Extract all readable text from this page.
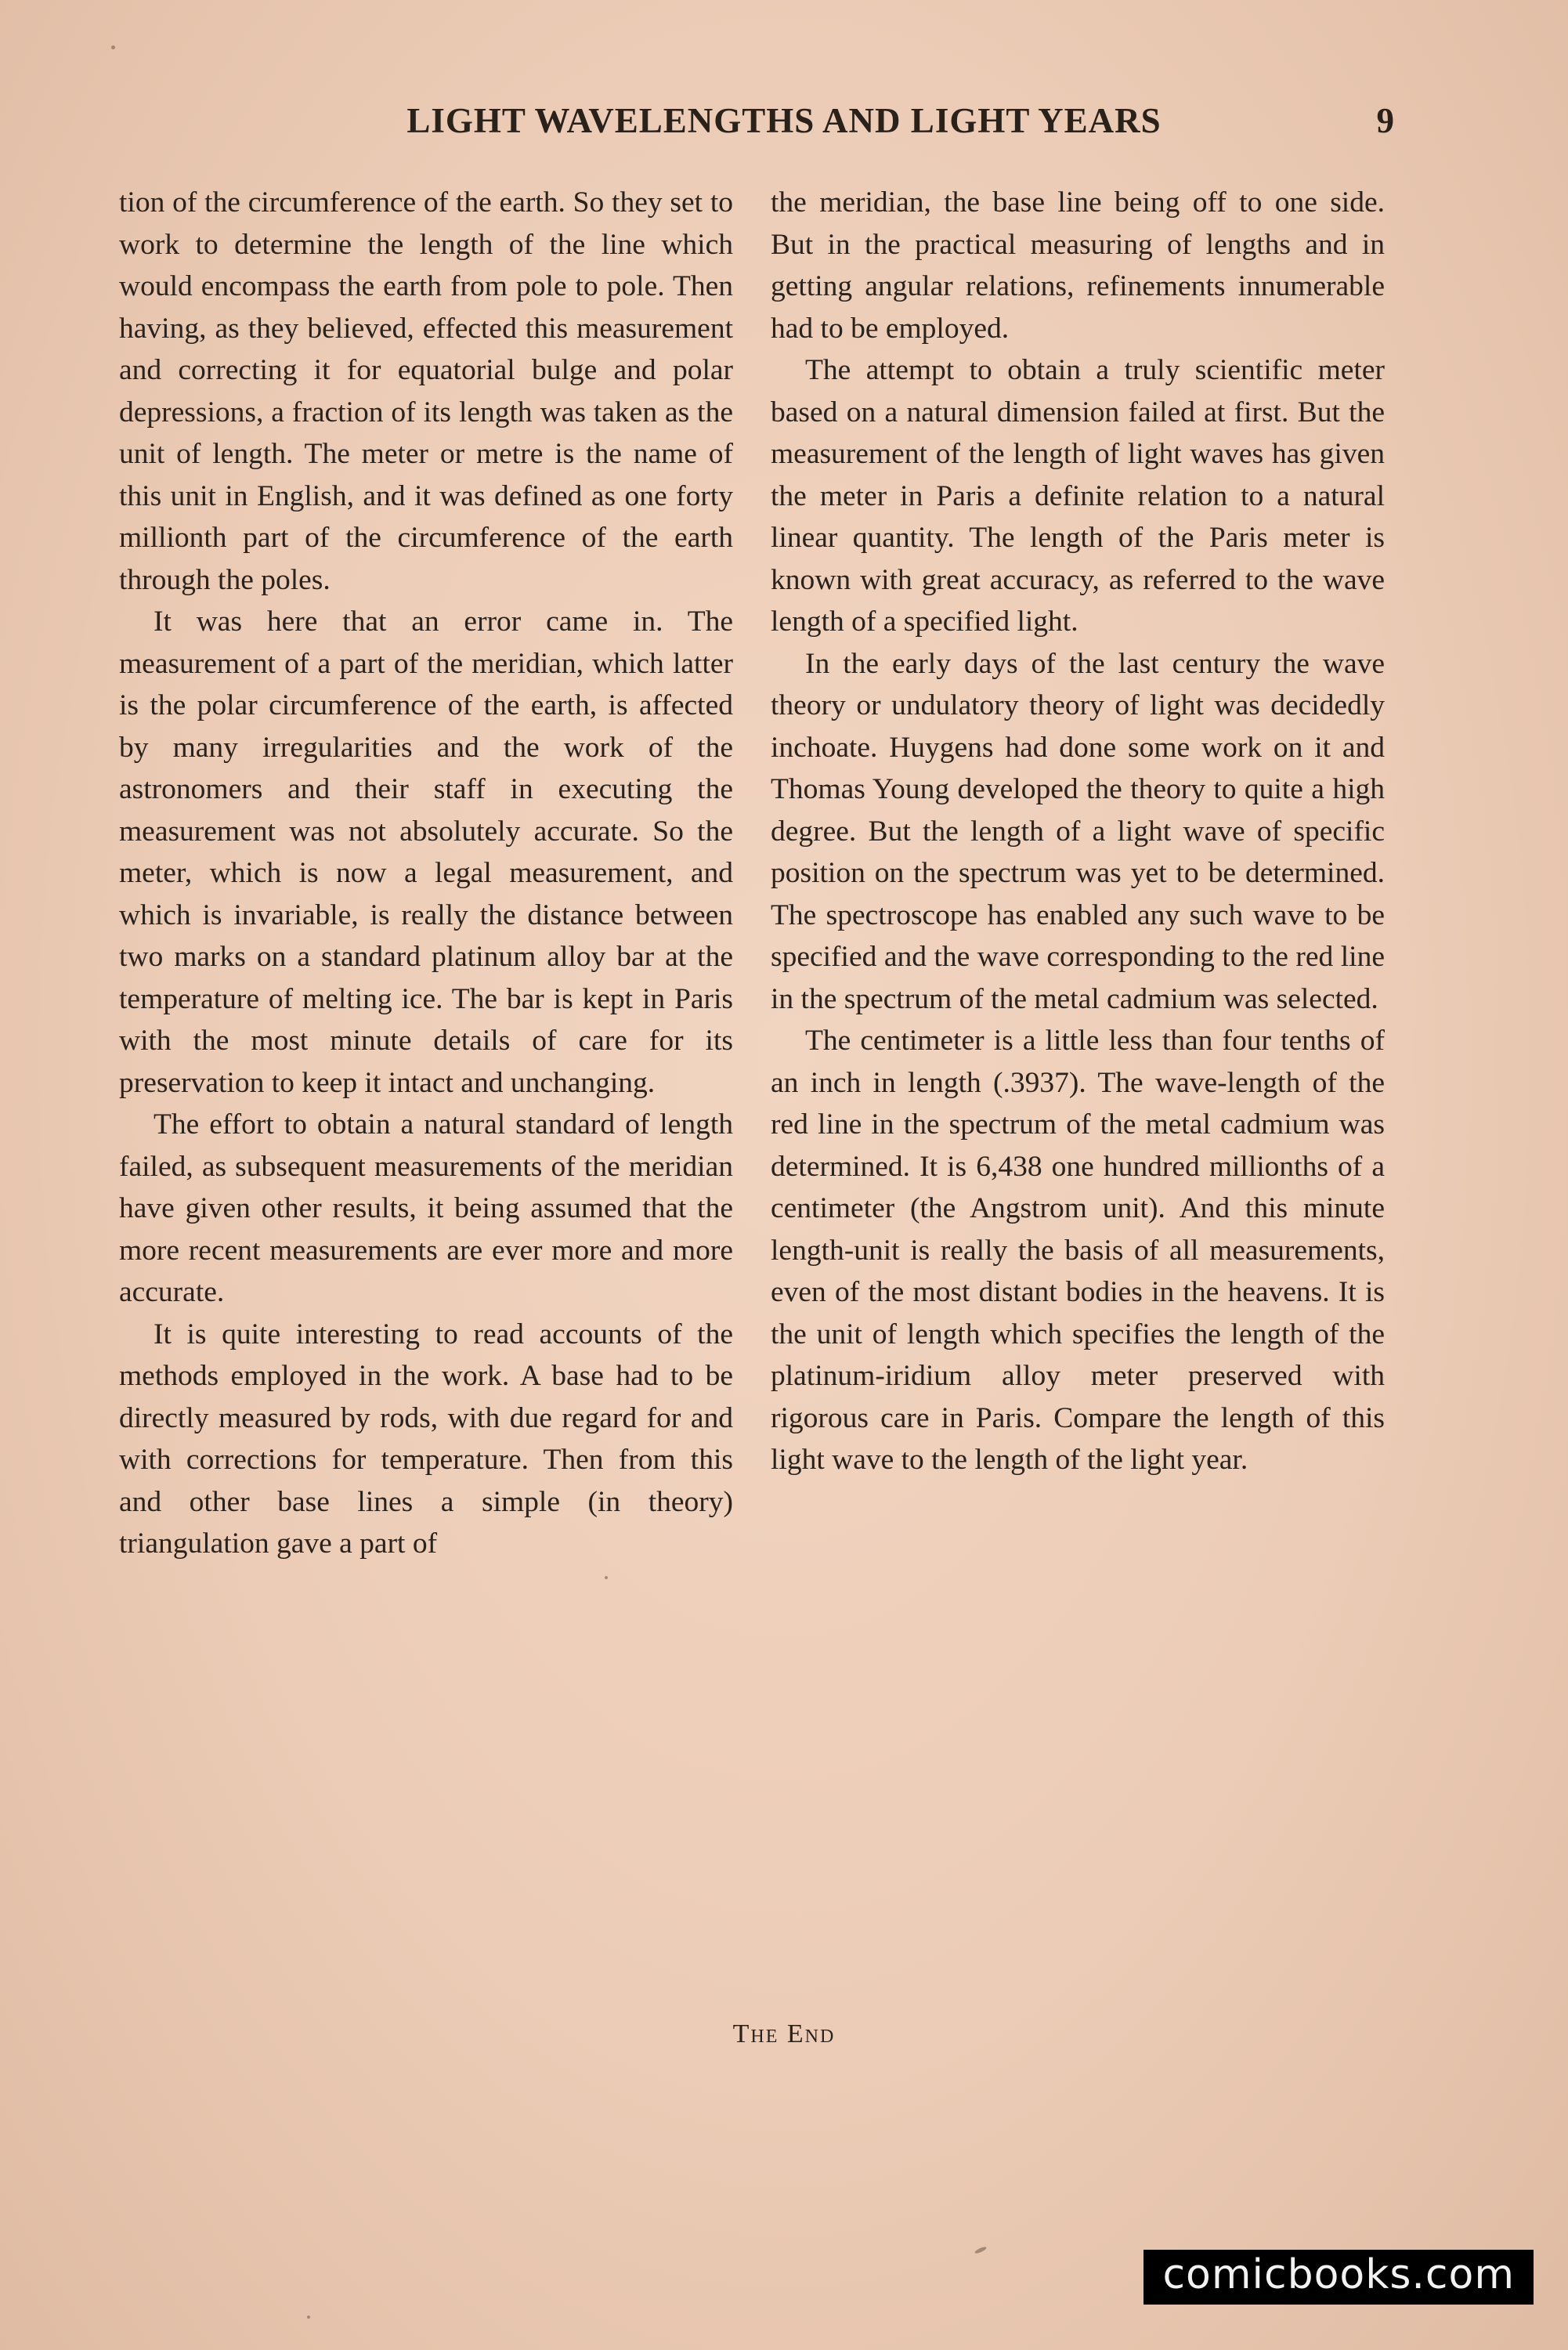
LIGHT WAVELENGTHS AND LIGHT YEARS	9

tion of the circumference of the earth. So they set to work to determine the length of the line which would encompass the earth from pole to pole. Then having, as they believed, effected this measurement and correcting it for equatorial bulge and polar depressions, a fraction of its length was taken as the unit of length. The meter or metre is the name of this unit in English, and it was defined as one forty millionth part of the circumference of the earth through the poles.

It was here that an error came in. The measurement of a part of the meridian, which latter is the polar circumference of the earth, is affected by many irregularities and the work of the astronomers and their staff in executing the measurement was not absolutely accurate. So the meter, which is now a legal measurement, and which is invariable, is really the distance between two marks on a standard platinum alloy bar at the temperature of melting ice. The bar is kept in Paris with the most minute details of care for its preservation to keep it intact and unchanging.

The effort to obtain a natural standard of length failed, as subsequent measurements of the meridian have given other results, it being assumed that the more recent measurements are ever more and more accurate.

It is quite interesting to read accounts of the methods employed in the work. A base had to be directly measured by rods, with due regard for and with corrections for temperature. Then from this and other base lines a simple (in theory) triangulation gave a part of

the meridian, the base line being off to one side. But in the practical measuring of lengths and in getting angular relations, refinements innumerable had to be employed.

The attempt to obtain a truly scientific meter based on a natural dimension failed at first. But the measurement of the length of light waves has given the meter in Paris a definite relation to a natural linear quantity. The length of the Paris meter is known with great accuracy, as referred to the wave length of a specified light.

In the early days of the last century the wave theory or undulatory theory of light was decidedly inchoate. Huygens had done some work on it and Thomas Young developed the theory to quite a high degree. But the length of a light wave of specific position on the spectrum was yet to be determined. The spectroscope has enabled any such wave to be specified and the wave corresponding to the red line in the spectrum of the metal cadmium was selected.

The centimeter is a little less than four tenths of an inch in length (.3937). The wave-length of the red line in the spectrum of the metal cadmium was determined. It is 6,438 one hundred millionths of a centimeter (the Angstrom unit). And this minute length-unit is really the basis of all measurements, even of the most distant bodies in the heavens. It is the unit of length which specifies the length of the platinum-iridium alloy meter preserved with rigorous care in Paris. Compare the length of this light wave to the length of the light year.

The End
comicbooks.com
